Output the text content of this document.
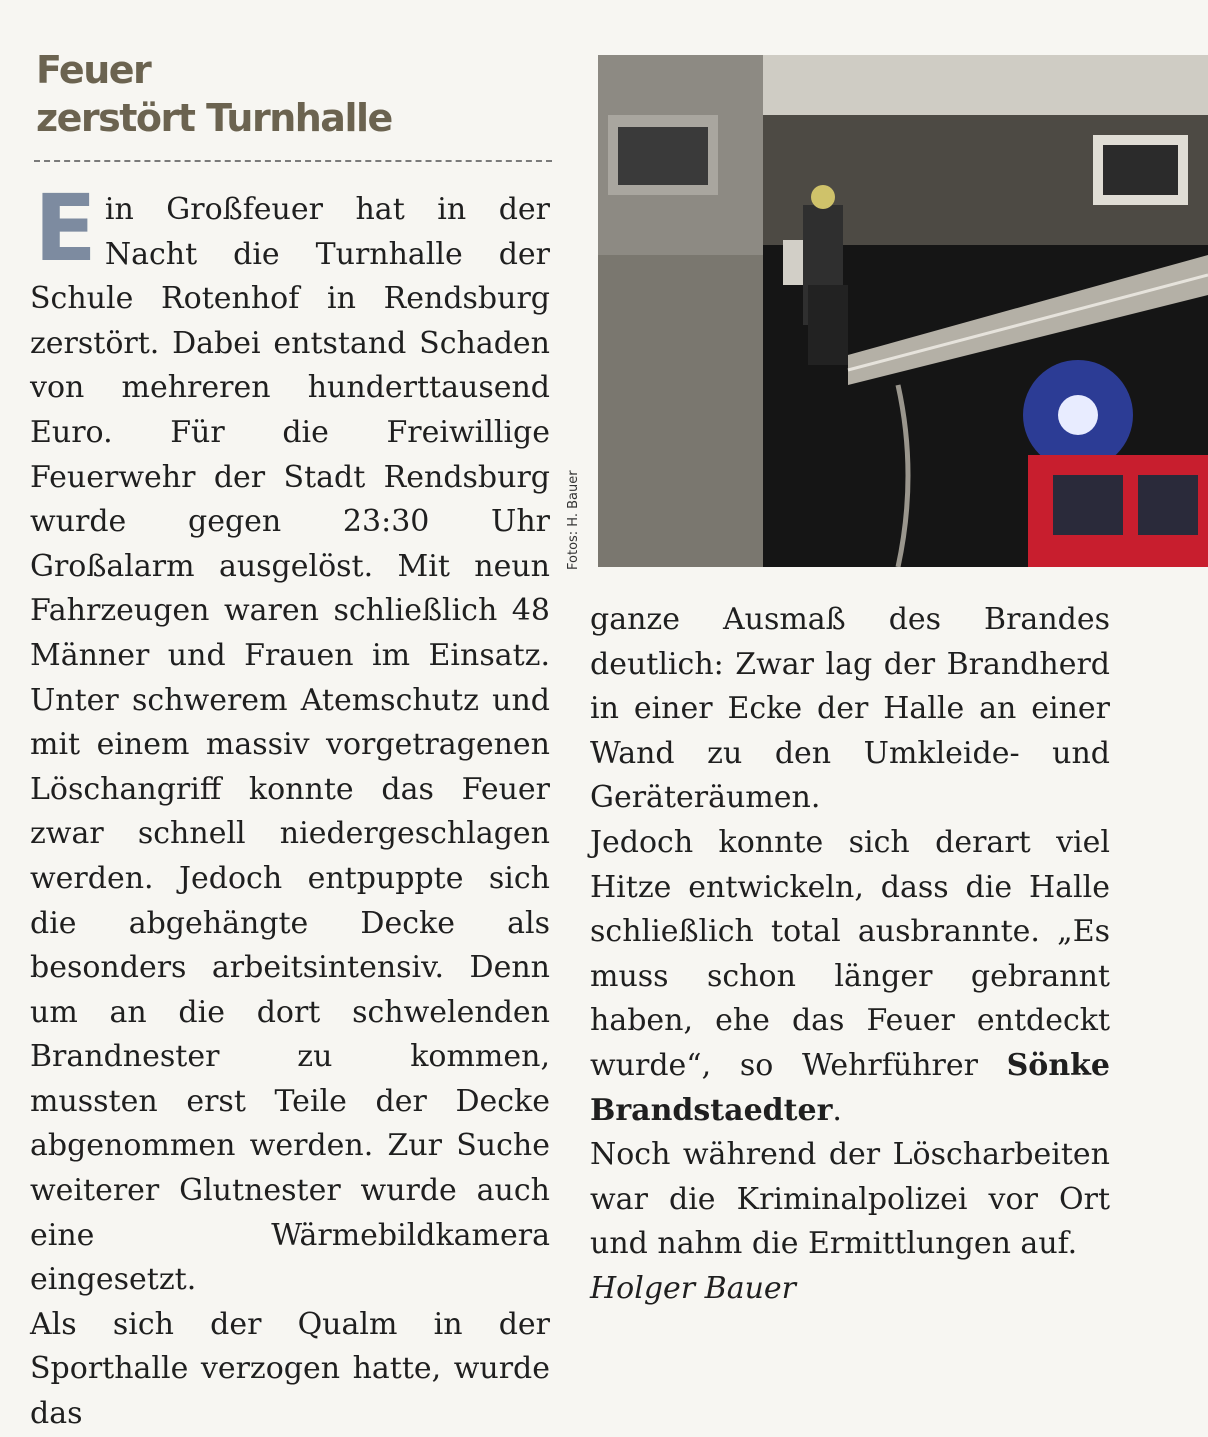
Feuer
zerstört Turnhalle

Ein Großfeuer hat in der Nacht die Turnhalle der Schule Rotenhof in Rendsburg zerstört. Dabei entstand Schaden von mehreren hunderttausend Euro. Für die Freiwillige Feuerwehr der Stadt Rendsburg wurde gegen 23:30 Uhr Großalarm ausgelöst. Mit neun Fahrzeugen waren schließlich 48 Männer und Frauen im Einsatz. Unter schwerem Atemschutz und mit einem massiv vorgetragenen Löschangriff konnte das Feuer zwar schnell niedergeschlagen werden. Jedoch entpuppte sich die abgehängte Decke als besonders arbeitsintensiv. Denn um an die dort schwelenden Brandnester zu kommen, mussten erst Teile der Decke abgenommen werden. Zur Suche weiterer Glutnester wurde auch eine Wärmebildkamera eingesetzt.

Als sich der Qualm in der Sporthalle verzogen hatte, wurde das

Fotos: H. Bauer

ganze Ausmaß des Brandes deutlich: Zwar lag der Brandherd in einer Ecke der Halle an einer Wand zu den Umkleide- und Geräteräumen.

Jedoch konnte sich derart viel Hitze entwickeln, dass die Halle schließlich total ausbrannte. „Es muss schon länger gebrannt haben, ehe das Feuer entdeckt wurde“, so Wehrführer Sönke Brandstaedter.

Noch während der Löscharbeiten war die Kriminalpolizei vor Ort und nahm die Ermittlungen auf.

Holger Bauer
